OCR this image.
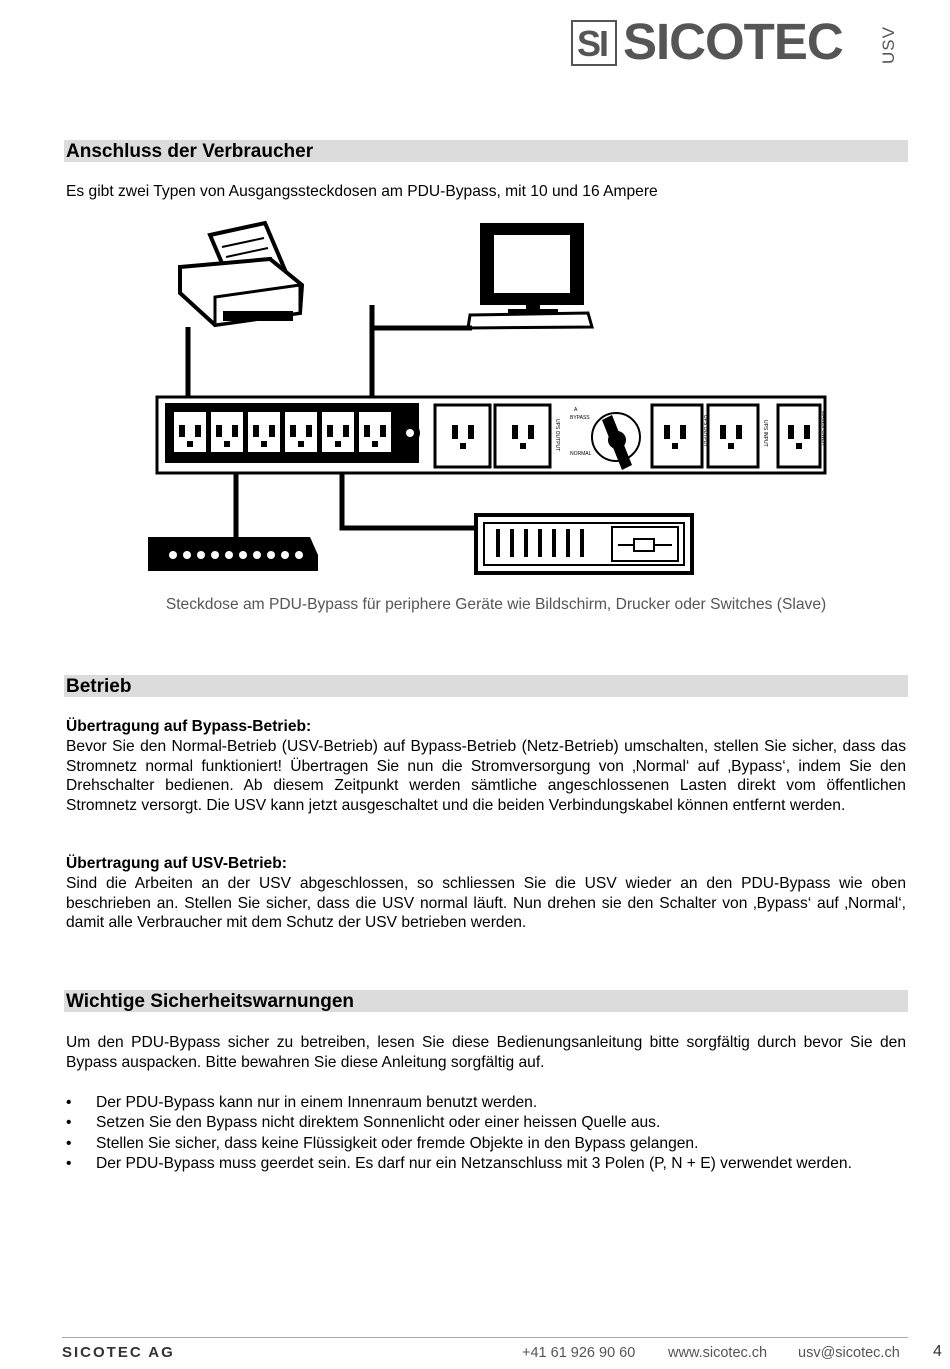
SI SICOTEC USV
Anschluss der Verbraucher
Es gibt zwei Typen von Ausgangssteckdosen am PDU-Bypass, mit 10 und 16 Ampere
UPS OUTPUT
A
BYPASS
NORMAL
UPS OUTPUT	UPS INPUT	MAINSPOWER
Steckdose am PDU-Bypass für periphere Geräte wie Bildschirm, Drucker oder Switches (Slave)
Betrieb
Übertragung auf Bypass-Betrieb:
Bevor Sie den Normal-Betrieb (USV-Betrieb) auf Bypass-Betrieb (Netz-Betrieb) umschalten, stellen Sie sicher, dass das Stromnetz normal funktioniert! Übertragen Sie nun die Stromversorgung von ‚Normal‘ auf ‚Bypass‘, indem Sie den Drehschalter bedienen. Ab diesem Zeitpunkt werden sämtliche angeschlossenen Lasten direkt vom öffentlichen Stromnetz versorgt. Die USV kann jetzt ausgeschaltet und die beiden Verbindungskabel können entfernt werden.
Übertragung auf USV-Betrieb:
Sind die Arbeiten an der USV abgeschlossen, so schliessen Sie die USV wieder an den PDU-Bypass wie oben beschrieben an. Stellen Sie sicher, dass die USV normal läuft. Nun drehen sie den Schalter von ‚Bypass‘ auf ‚Normal‘, damit alle Verbraucher mit dem Schutz der USV betrieben werden.
Wichtige Sicherheitswarnungen
Um den PDU-Bypass sicher zu betreiben, lesen Sie diese Bedienungsanleitung bitte sorgfältig durch bevor Sie den Bypass auspacken. Bitte bewahren Sie diese Anleitung sorgfältig auf.
• Der PDU-Bypass kann nur in einem Innenraum benutzt werden.
• Setzen Sie den Bypass nicht direktem Sonnenlicht oder einer heissen Quelle aus.
• Stellen Sie sicher, dass keine Flüssigkeit oder fremde Objekte in den Bypass gelangen.
• Der PDU-Bypass muss geerdet sein. Es darf nur ein Netzanschluss mit 3 Polen (P, N + E) verwendet werden.
SICOTEC AG	+41 61 926 90 60 www.sicotec.ch usv@sicotec.ch 4
